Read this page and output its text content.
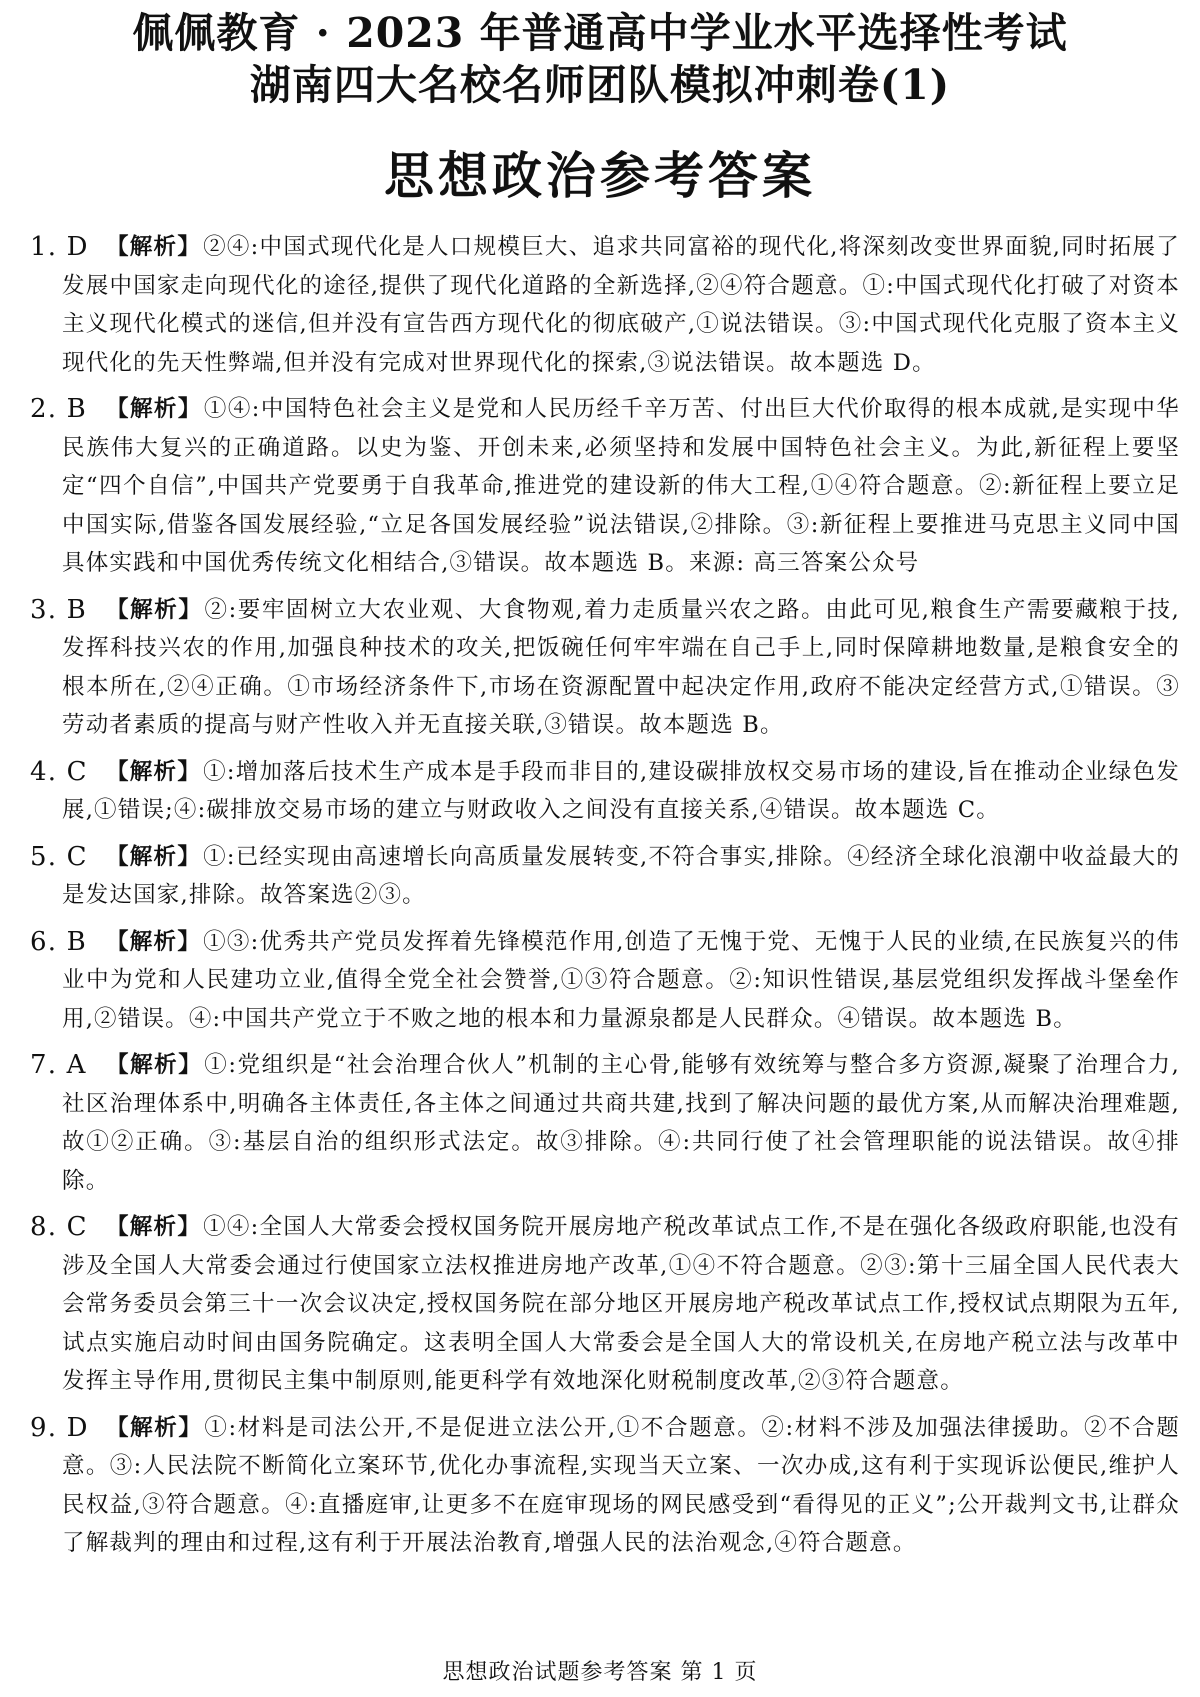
佩佩教育 · 2023 年普通高中学业水平选择性考试
湖南四大名校名师团队模拟冲刺卷(1)
思想政治参考答案
1. D 【解析】②④:中国式现代化是人口规模巨大、追求共同富裕的现代化,将深刻改变世界面貌,同时拓展了发展中国家走向现代化的途径,提供了现代化道路的全新选择,②④符合题意。①:中国式现代化打破了对资本主义现代化模式的迷信,但并没有宣告西方现代化的彻底破产,①说法错误。③:中国式现代化克服了资本主义现代化的先天性弊端,但并没有完成对世界现代化的探索,③说法错误。故本题选 D。
2. B 【解析】①④:中国特色社会主义是党和人民历经千辛万苦、付出巨大代价取得的根本成就,是实现中华民族伟大复兴的正确道路。以史为鉴、开创未来,必须坚持和发展中国特色社会主义。为此,新征程上要坚定“四个自信”,中国共产党要勇于自我革命,推进党的建设新的伟大工程,①④符合题意。②:新征程上要立足中国实际,借鉴各国发展经验,“立足各国发展经验”说法错误,②排除。③:新征程上要推进马克思主义同中国具体实践和中国优秀传统文化相结合,③错误。故本题选 B。来源: 高三答案公众号
3. B 【解析】②:要牢固树立大农业观、大食物观,着力走质量兴农之路。由此可见,粮食生产需要藏粮于技,发挥科技兴农的作用,加强良种技术的攻关,把饭碗任何牢牢端在自己手上,同时保障耕地数量,是粮食安全的根本所在,②④正确。①市场经济条件下,市场在资源配置中起决定作用,政府不能决定经营方式,①错误。③劳动者素质的提高与财产性收入并无直接关联,③错误。故本题选 B。
4. C 【解析】①:增加落后技术生产成本是手段而非目的,建设碳排放权交易市场的建设,旨在推动企业绿色发展,①错误;④:碳排放交易市场的建立与财政收入之间没有直接关系,④错误。故本题选 C。
5. C 【解析】①:已经实现由高速增长向高质量发展转变,不符合事实,排除。④经济全球化浪潮中收益最大的是发达国家,排除。故答案选②③。
6. B 【解析】①③:优秀共产党员发挥着先锋模范作用,创造了无愧于党、无愧于人民的业绩,在民族复兴的伟业中为党和人民建功立业,值得全党全社会赞誉,①③符合题意。②:知识性错误,基层党组织发挥战斗堡垒作用,②错误。④:中国共产党立于不败之地的根本和力量源泉都是人民群众。④错误。故本题选 B。
7. A 【解析】①:党组织是“社会治理合伙人”机制的主心骨,能够有效统筹与整合多方资源,凝聚了治理合力,社区治理体系中,明确各主体责任,各主体之间通过共商共建,找到了解决问题的最优方案,从而解决治理难题,故①②正确。③:基层自治的组织形式法定。故③排除。④:共同行使了社会管理职能的说法错误。故④排除。
8. C 【解析】①④:全国人大常委会授权国务院开展房地产税改革试点工作,不是在强化各级政府职能,也没有涉及全国人大常委会通过行使国家立法权推进房地产改革,①④不符合题意。②③:第十三届全国人民代表大会常务委员会第三十一次会议决定,授权国务院在部分地区开展房地产税改革试点工作,授权试点期限为五年,试点实施启动时间由国务院确定。这表明全国人大常委会是全国人大的常设机关,在房地产税立法与改革中发挥主导作用,贯彻民主集中制原则,能更科学有效地深化财税制度改革,②③符合题意。
9. D 【解析】①:材料是司法公开,不是促进立法公开,①不合题意。②:材料不涉及加强法律援助。②不合题意。③:人民法院不断简化立案环节,优化办事流程,实现当天立案、一次办成,这有利于实现诉讼便民,维护人民权益,③符合题意。④:直播庭审,让更多不在庭审现场的网民感受到“看得见的正义”;公开裁判文书,让群众了解裁判的理由和过程,这有利于开展法治教育,增强人民的法治观念,④符合题意。
思想政治试题参考答案 第 1 页
